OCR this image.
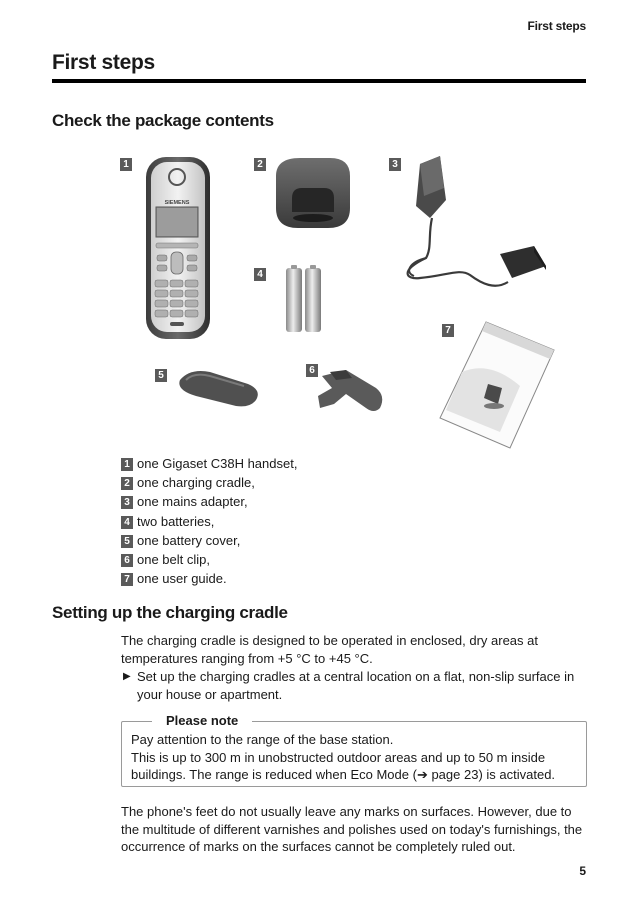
First steps
First steps
Check the package contents
1	2	3
4
5	6
7
SIEMENS
1 one Gigaset C38H handset,
2 one charging cradle,
3 one mains adapter,
4 two batteries,
5 one battery cover,
6 one belt clip,
7 one user guide.
Setting up the charging cradle
The charging cradle is designed to be operated in enclosed, dry areas at temperatures ranging from +5 °C to +45 °C.
▶ Set up the charging cradles at a central location on a flat, non-slip surface in your house or apartment.
Please note
Pay attention to the range of the base station.
This is up to 300 m in unobstructed outdoor areas and up to 50 m inside
buildings. The range is reduced when Eco Mode (➔ page 23) is activated.
The phone's feet do not usually leave any marks on surfaces. However, due to the multitude of different varnishes and polishes used on today's furnishings, the occurrence of marks on the surfaces cannot be completely ruled out.
5
